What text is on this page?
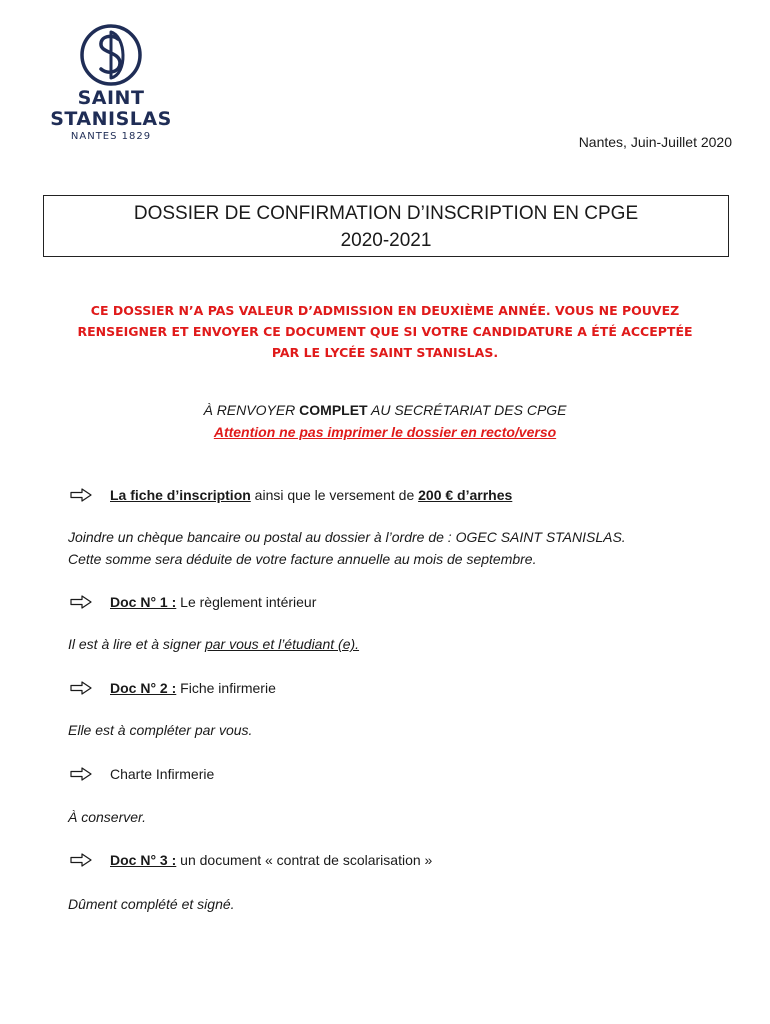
SAINT
STANISLAS
NANTES 1829	Nantes, Juin-Juillet 2020
DOSSIER DE CONFIRMATION D’INSCRIPTION EN CPGE
2020-2021
CE DOSSIER N’A PAS VALEUR D’ADMISSION EN DEUXIÈME ANNÉE. VOUS NE POUVEZ
RENSEIGNER ET ENVOYER CE DOCUMENT QUE SI VOTRE CANDIDATURE A ÉTÉ ACCEPTÉE
PAR LE LYCÉE SAINT STANISLAS.
À RENVOYER COMPLET AU SECRÉTARIAT DES CPGE
Attention ne pas imprimer le dossier en recto/verso
La fiche d’inscription ainsi que le versement de 200 € d’arrhes
Joindre un chèque bancaire ou postal au dossier à l’ordre de : OGEC SAINT STANISLAS.
Cette somme sera déduite de votre facture annuelle au mois de septembre.
Doc N° 1 : Le règlement intérieur
Il est à lire et à signer par vous et l’étudiant (e).
Doc N° 2 : Fiche infirmerie
Elle est à compléter par vous.
Charte Infirmerie
À conserver.
Doc N° 3 : un document « contrat de scolarisation »
Dûment complété et signé.
